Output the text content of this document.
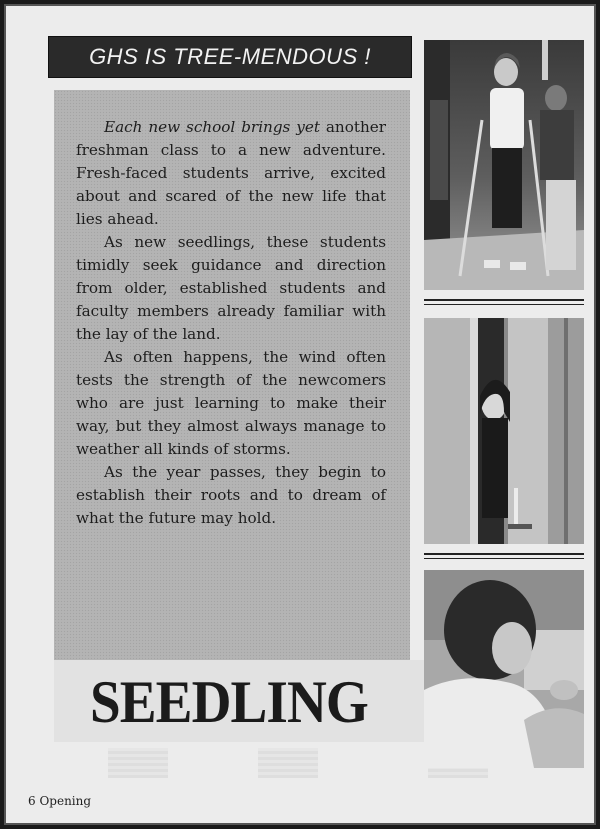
GHS IS TREE-MENDOUS !

Each new school brings yet another freshman class to a new adventure. Fresh-faced students arrive, excited about and scared of the new life that lies ahead.

As new seedlings, these students timidly seek guidance and direction from older, established students and faculty members already familiar with the lay of the land.

As often happens, the wind often tests the strength of the newcomers who are just learning to make their way, but they almost always manage to weather all kinds of storms.

As the year passes, they begin to establish their roots and to dream of what the future may hold.

SEEDLING
6 Opening
